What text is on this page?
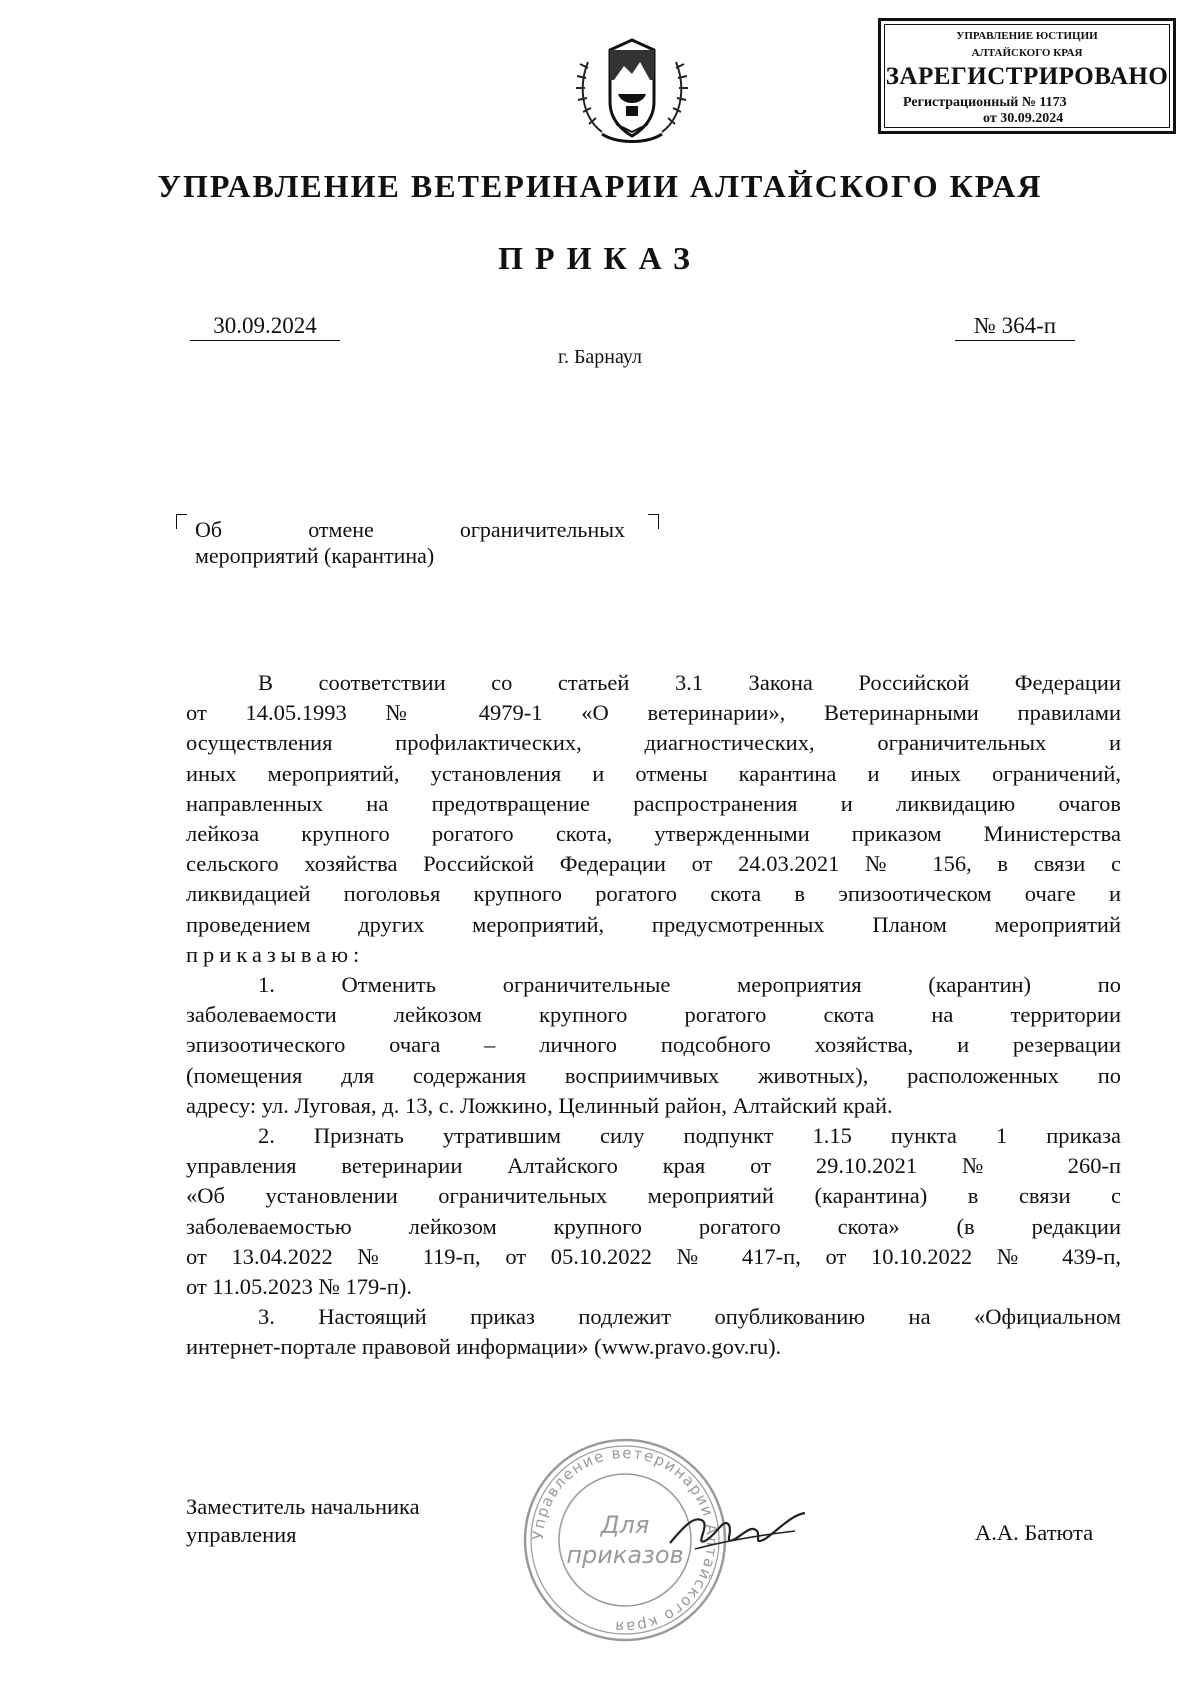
УПРАВЛЕНИЕ ЮСТИЦИИ
АЛТАЙСКОГО КРАЯ
ЗАРЕГИСТРИРОВАНО
Регистрационный № 1173
от 30.09.2024
УПРАВЛЕНИЕ ВЕТЕРИНАРИИ АЛТАЙСКОГО КРАЯ
ПРИКАЗ
30.09.2024	№ 364-п
г. Барнаул
Об	отмене	ограничительных
мероприятий (карантина)

В соответствии со статьей 3.1 Закона Российской Федерации

от 14.05.1993 № 4979-1 «О ветеринарии», Ветеринарными правилами

осуществления профилактических, диагностических, ограничительных и

иных мероприятий, установления и отмены карантина и иных ограничений,

направленных на предотвращение распространения и ликвидацию очагов

лейкоза крупного рогатого скота, утвержденными приказом Министерства

сельского хозяйства Российской Федерации от 24.03.2021 № 156, в связи с

ликвидацией поголовья крупного рогатого скота в эпизоотическом очаге и

проведением других мероприятий, предусмотренных Планом мероприятий

приказываю:

1. Отменить ограничительные мероприятия (карантин) по

заболеваемости лейкозом крупного рогатого скота на территории

эпизоотического очага – личного подсобного хозяйства, и резервации

(помещения для содержания восприимчивых животных), расположенных по

адресу: ул. Луговая, д. 13, с. Ложкино, Целинный район, Алтайский край.

2. Признать утратившим силу подпункт 1.15 пункта 1 приказа

управления ветеринарии Алтайского края от 29.10.2021 № 260-п

«Об установлении ограничительных мероприятий (карантина) в связи с

заболеваемостью лейкозом крупного рогатого скота» (в редакции

от 13.04.2022 № 119-п, от 05.10.2022 № 417-п, от 10.10.2022 № 439-п,

от 11.05.2023 № 179-п).

3. Настоящий приказ подлежит опубликованию на «Официальном

интернет-портале правовой информации» (www.pravo.gov.ru).

Заместитель начальника
управления	Управление ветеринарии Алтайского края
Для
приказов
А.А. Батюта
